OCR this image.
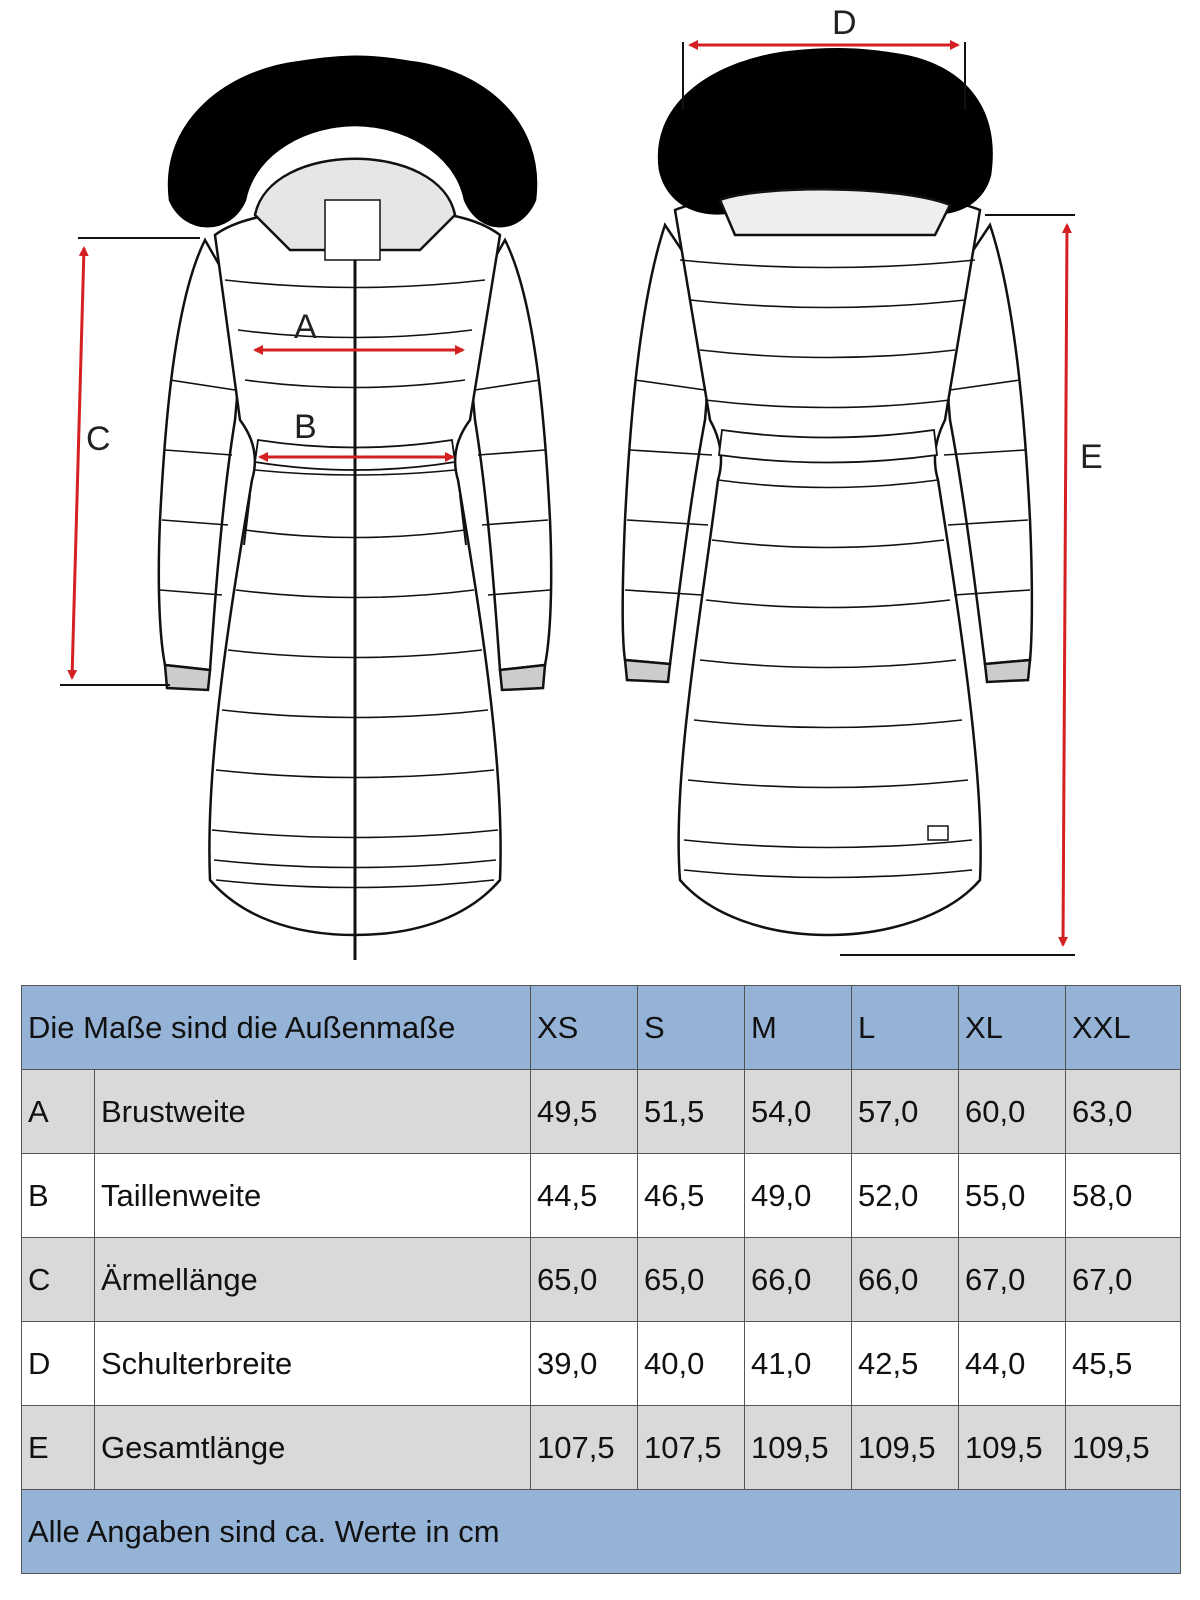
A
B
C
D
E
Die Maße sind die Außenmaße		XS	S	M	L	XL	XXL
A	Brustweite	49,5	51,5	54,0	57,0	60,0	63,0
B	Taillenweite	44,5	46,5	49,0	52,0	55,0	58,0
C	Ärmellänge	65,0	65,0	66,0	66,0	67,0	67,0
D	Schulterbreite	39,0	40,0	41,0	42,5	44,0	45,5
E	Gesamtlänge	107,5	107,5	109,5	109,5	109,5	109,5
Alle Angaben sind ca. Werte in cm							
